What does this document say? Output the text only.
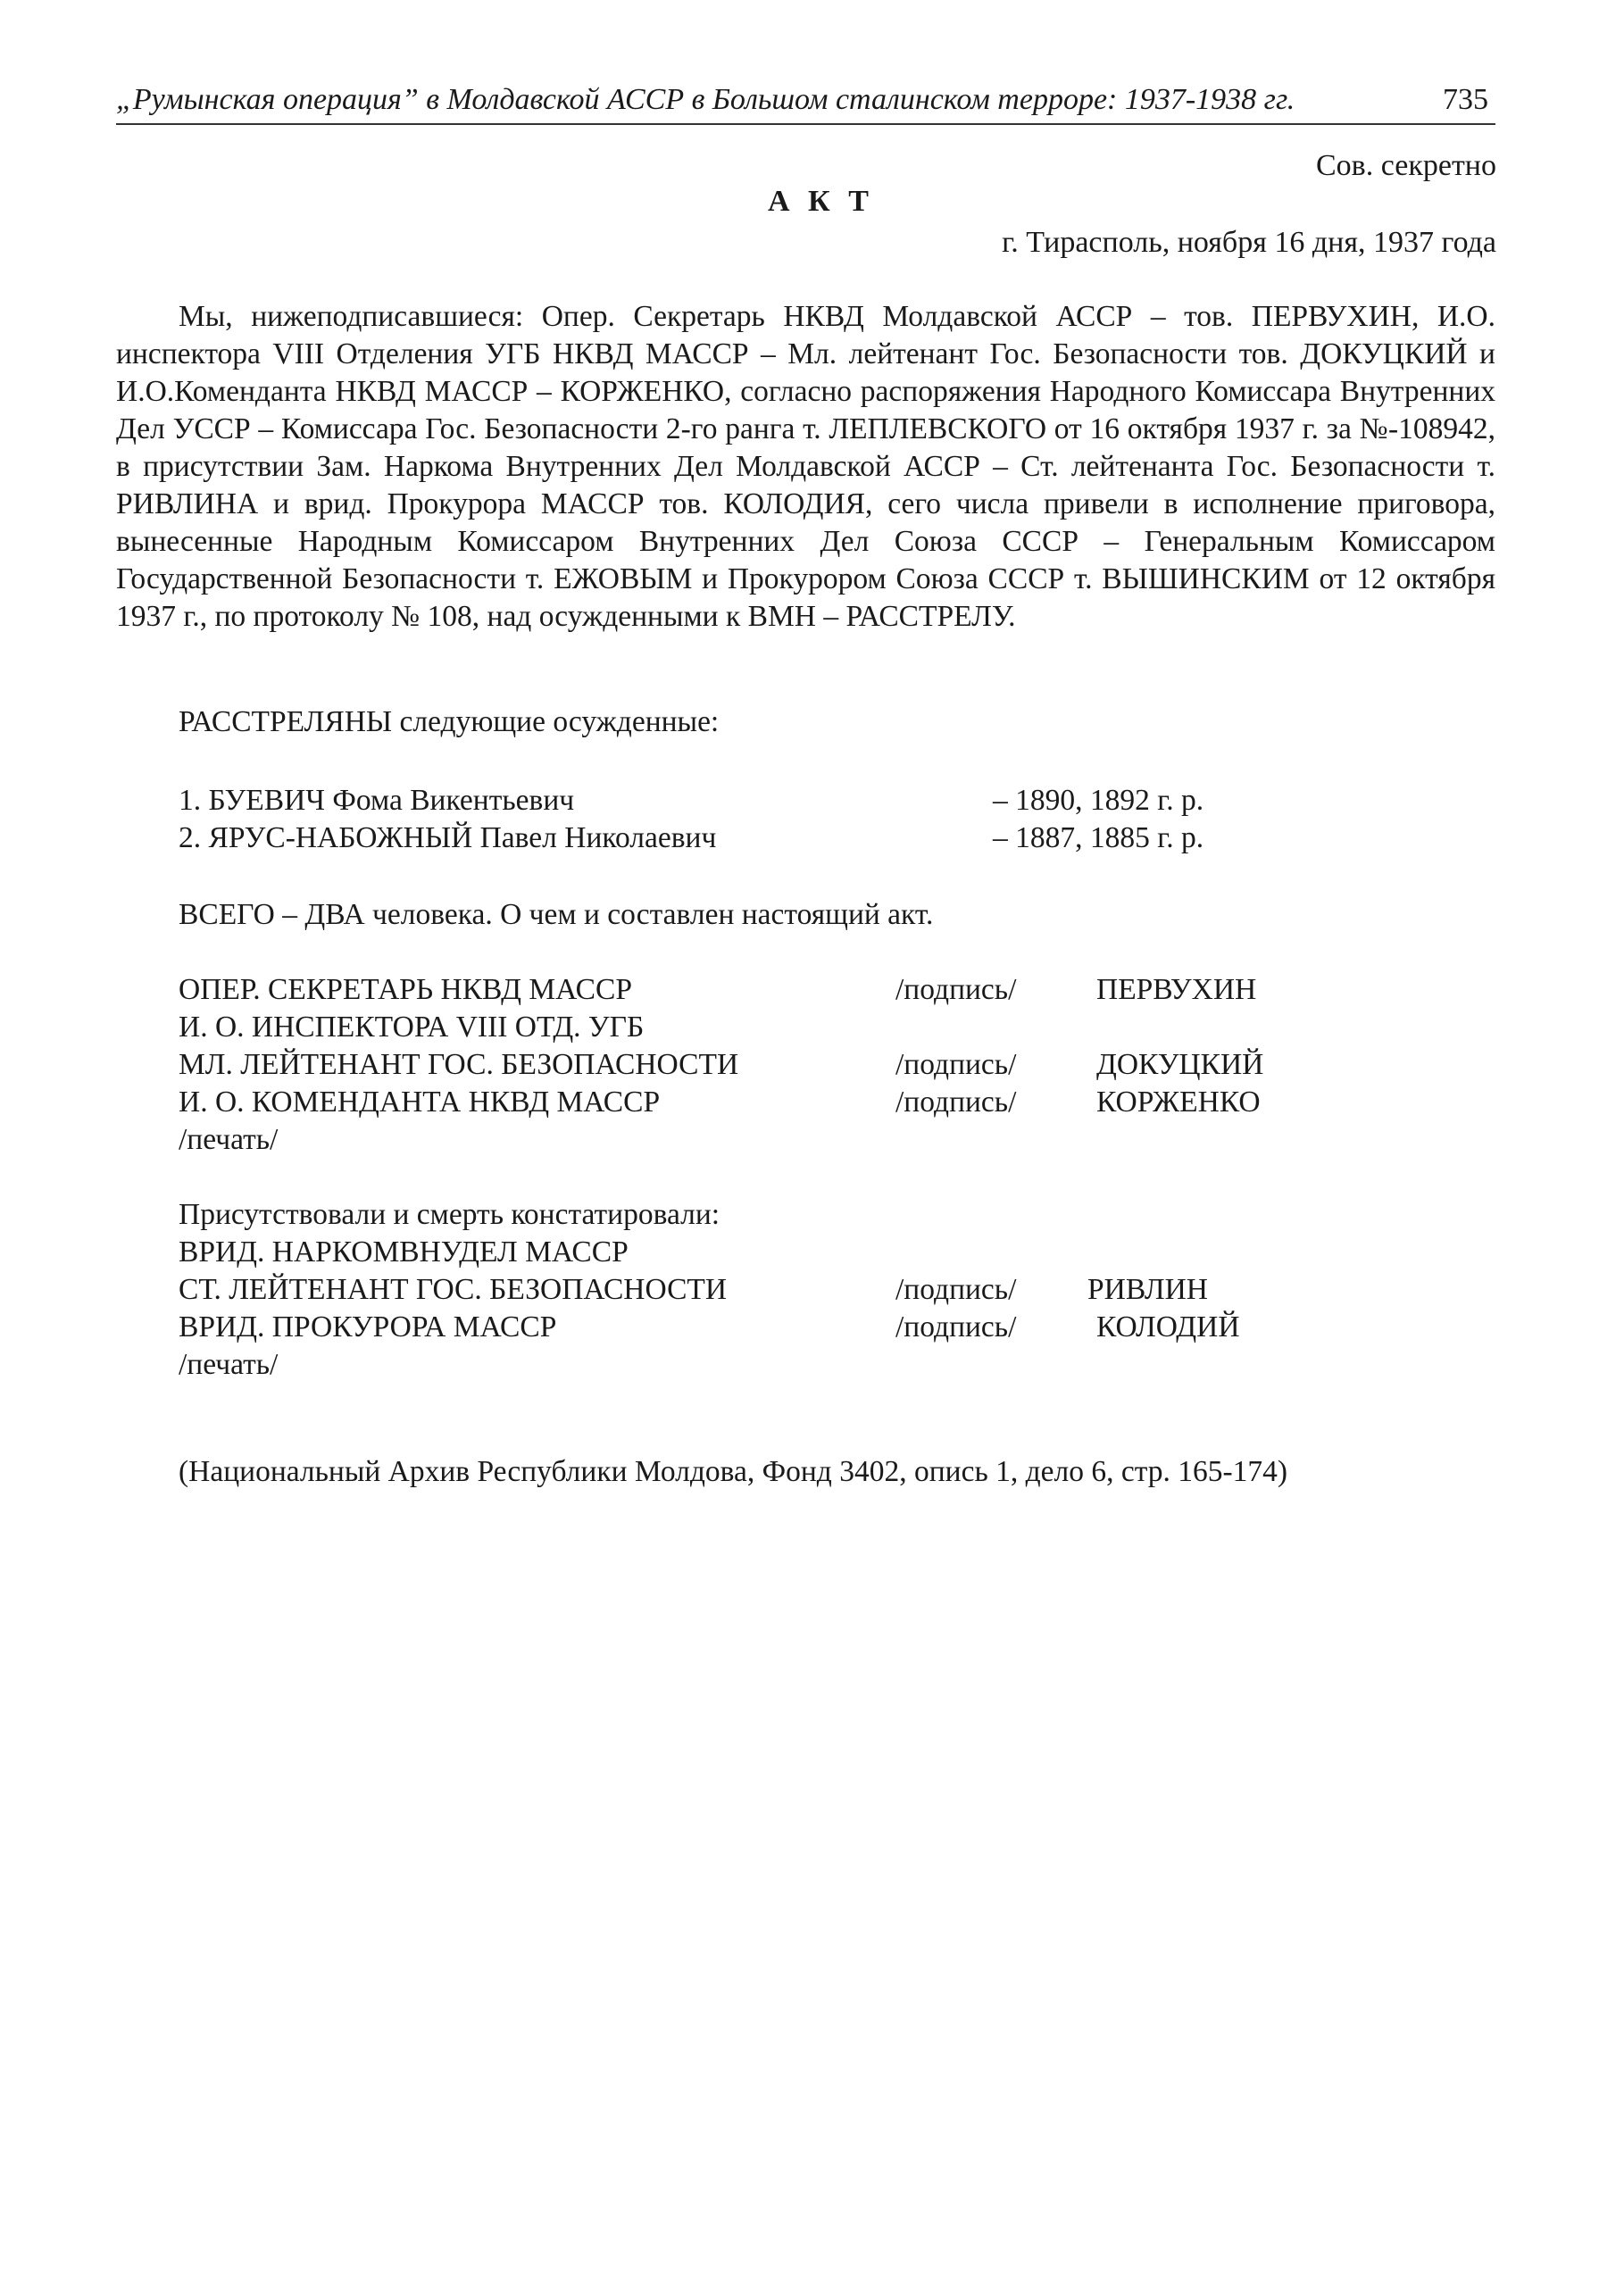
„Румынская операция” в Молдавской АССР в Большом сталинском терроре: 1937-1938 гг.	735
Сов. секретно
А К Т
г. Тирасполь, ноября 16 дня, 1937 года

Мы, нижеподписавшиеся: Опер. Секретарь НКВД Молдавской АССР – тов. ПЕРВУХИН, И.О. инспектора VIII Отделения УГБ НКВД МАССР – Мл. лейтенант Гос. Безопасности тов. ДОКУЦКИЙ и И.О.Коменданта НКВД МАССР – КОРЖЕНКО, согласно распоряжения Народного Комиссара Внутренних Дел УССР – Комиссара Гос. Безопасности 2-го ранга т. ЛЕПЛЕВСКОГО от 16 октября 1937 г. за №-108942, в присутствии Зам. Наркома Внутренних Дел Молдавской АССР – Ст. лейтенанта Гос. Безопасности т. РИВЛИНА и врид. Прокурора МАССР тов. КОЛОДИЯ, сего числа привели в исполнение приговора, вынесенные Народным Комиссаром Внутренних Дел Союза СССР – Генеральным Комиссаром Государственной Безопасности т. ЕЖОВЫМ и Прокурором Союза СССР т. ВЫШИНСКИМ от 12 октября 1937 г., по протоколу № 108, над осужденными к ВМН – РАССТРЕЛУ.

РАССТРЕЛЯНЫ следующие осужденные:
1. БУЕВИЧ Фома Викентьевич	– 1890, 1892 г. р.
2. ЯРУС-НАБОЖНЫЙ Павел Николаевич	– 1887, 1885 г. р.
ВСЕГО – ДВА человека. О чем и составлен настоящий акт.
ОПЕР. СЕКРЕТАРЬ НКВД МАССР	/подпись/	ПЕРВУХИН
И. О. ИНСПЕКТОРА VIII ОТД. УГБ
МЛ. ЛЕЙТЕНАНТ ГОС. БЕЗОПАСНОСТИ	/подпись/	ДОКУЦКИЙ
И. О. КОМЕНДАНТА НКВД МАССР	/подпись/	КОРЖЕНКО
/печать/
Присутствовали и смерть констатировали:
ВРИД. НАРКОМВНУДЕЛ МАССР
СТ. ЛЕЙТЕНАНТ ГОС. БЕЗОПАСНОСТИ	/подпись/ РИВЛИН
ВРИД. ПРОКУРОРА МАССР	/подпись/	КОЛОДИЙ
/печать/
(Национальный Архив Республики Молдова, Фонд 3402, опись 1, дело 6, стр. 165-174)
